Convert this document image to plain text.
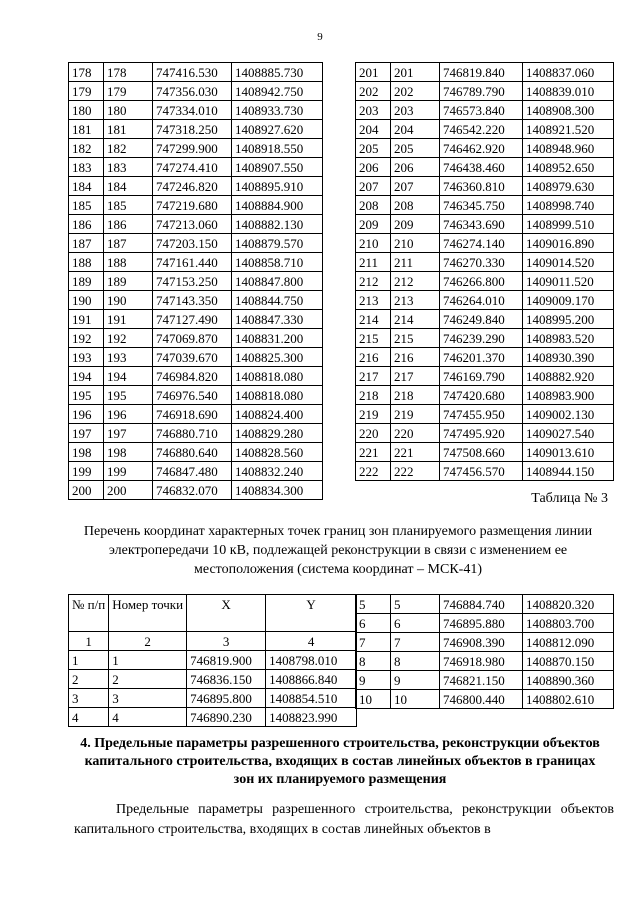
9
178	178	747416.530	1408885.730
179	179	747356.030	1408942.750
180	180	747334.010	1408933.730
181	181	747318.250	1408927.620
182	182	747299.900	1408918.550
183	183	747274.410	1408907.550
184	184	747246.820	1408895.910
185	185	747219.680	1408884.900
186	186	747213.060	1408882.130
187	187	747203.150	1408879.570
188	188	747161.440	1408858.710
189	189	747153.250	1408847.800
190	190	747143.350	1408844.750
191	191	747127.490	1408847.330
192	192	747069.870	1408831.200
193	193	747039.670	1408825.300
194	194	746984.820	1408818.080
195	195	746976.540	1408818.080
196	196	746918.690	1408824.400
197	197	746880.710	1408829.280
198	198	746880.640	1408828.560
199	199	746847.480	1408832.240
200	200	746832.070	1408834.300
201	201	746819.840	1408837.060
202	202	746789.790	1408839.010
203	203	746573.840	1408908.300
204	204	746542.220	1408921.520
205	205	746462.920	1408948.960
206	206	746438.460	1408952.650
207	207	746360.810	1408979.630
208	208	746345.750	1408998.740
209	209	746343.690	1408999.510
210	210	746274.140	1409016.890
211	211	746270.330	1409014.520
212	212	746266.800	1409011.520
213	213	746264.010	1409009.170
214	214	746249.840	1408995.200
215	215	746239.290	1408983.520
216	216	746201.370	1408930.390
217	217	746169.790	1408882.920
218	218	747420.680	1408983.900
219	219	747455.950	1409002.130
220	220	747495.920	1409027.540
221	221	747508.660	1409013.610
222	222	747456.570	1408944.150
Таблица № 3
Перечень координат характерных точек границ зон планируемого размещения линии электропередачи 10 кВ, подлежащей реконструкции в связи с изменением ее местоположения (система координат – МСК-41)
№ п/п	Номер точки	X	Y
1	2	3	4
1	1	746819.900	1408798.010
2	2	746836.150	1408866.840
3	3	746895.800	1408854.510
4	4	746890.230	1408823.990
5	5	746884.740	1408820.320
6	6	746895.880	1408803.700
7	7	746908.390	1408812.090
8	8	746918.980	1408870.150
9	9	746821.150	1408890.360
10	10	746800.440	1408802.610
4. Предельные параметры разрешенного строительства, реконструкции объектов капитального строительства, входящих в состав линейных объектов в границах зон их планируемого размещения
Предельные параметры разрешенного строительства, реконструкции объектов капитального строительства, входящих в состав линейных объектов в
